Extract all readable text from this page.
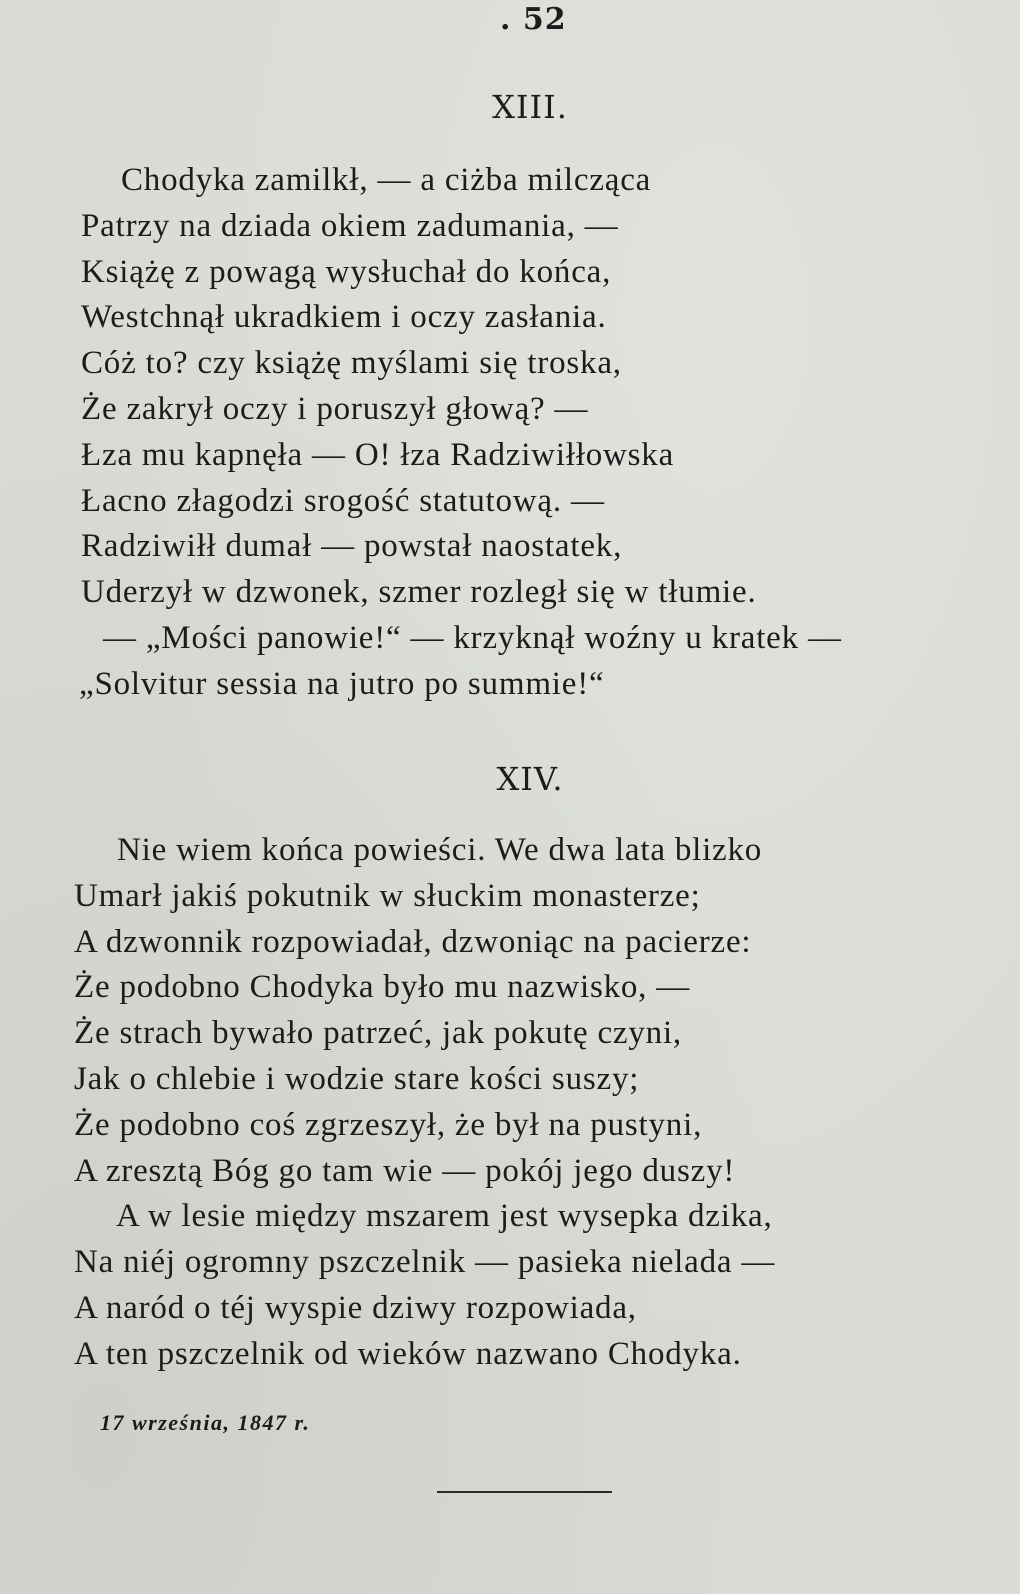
. 52
XIII.
Chodyka zamilkł, — a ciżba milcząca
Patrzy na dziada okiem zadumania, —
Książę z powagą wysłuchał do końca,
Westchnął ukradkiem i oczy zasłania.
Cóż to? czy książę myślami się troska,
Że zakrył oczy i poruszył głową? —
Łza mu kapnęła — O! łza Radziwiłłowska
Łacno złagodzi srogość statutową. —
Radziwiłł dumał — powstał naostatek,
Uderzył w dzwonek, szmer rozległ się w tłumie.
— „Mości panowie!“ — krzyknął woźny u kratek —
„Solvitur sessia na jutro po summie!“
XIV.
Nie wiem końca powieści. We dwa lata blizko
Umarł jakiś pokutnik w słuckim monasterze;
A dzwonnik rozpowiadał, dzwoniąc na pacierze:
Że podobno Chodyka było mu nazwisko, —
Że strach bywało patrzeć, jak pokutę czyni,
Jak o chlebie i wodzie stare kości suszy;
Że podobno coś zgrzeszył, że był na pustyni,
A zresztą Bóg go tam wie — pokój jego duszy!
A w lesie między mszarem jest wysepka dzika,
Na niéj ogromny pszczelnik — pasieka nielada —
A naród o téj wyspie dziwy rozpowiada,
A ten pszczelnik od wieków nazwano Chodyka.
17 września, 1847 r.
